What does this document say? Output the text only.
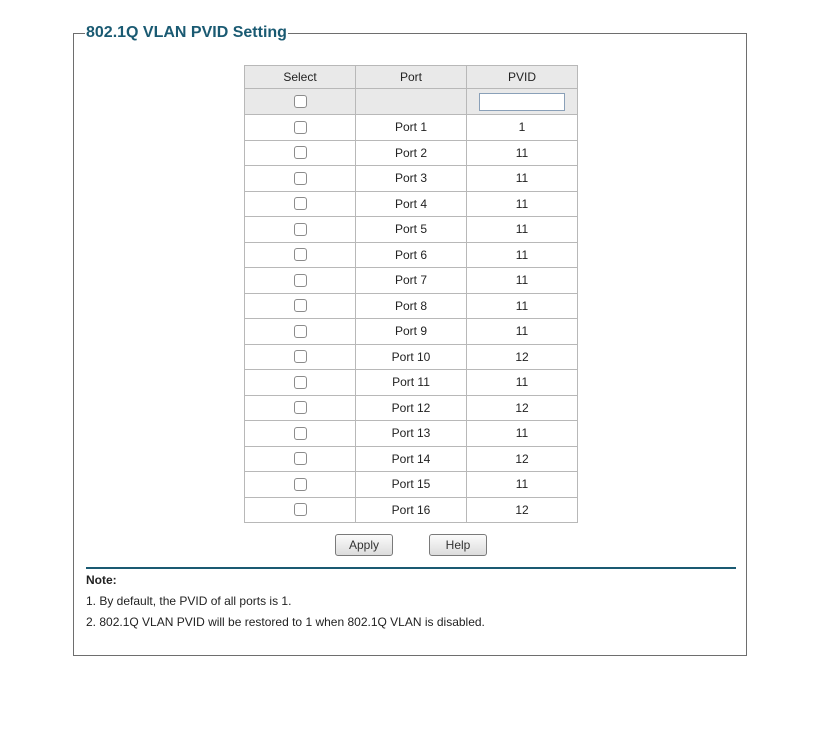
802.1Q VLAN PVID Setting
Select	Port	PVID

	Port 1	1
	Port 2	11
	Port 3	11
	Port 4	11
	Port 5	11
	Port 6	11
	Port 7	11
	Port 8	11
	Port 9	11
	Port 10	12
	Port 11	11
	Port 12	12
	Port 13	11
	Port 14	12
	Port 15	11
	Port 16	12
Apply	Help
Note:
1. By default, the PVID of all ports is 1.
2. 802.1Q VLAN PVID will be restored to 1 when 802.1Q VLAN is disabled.
